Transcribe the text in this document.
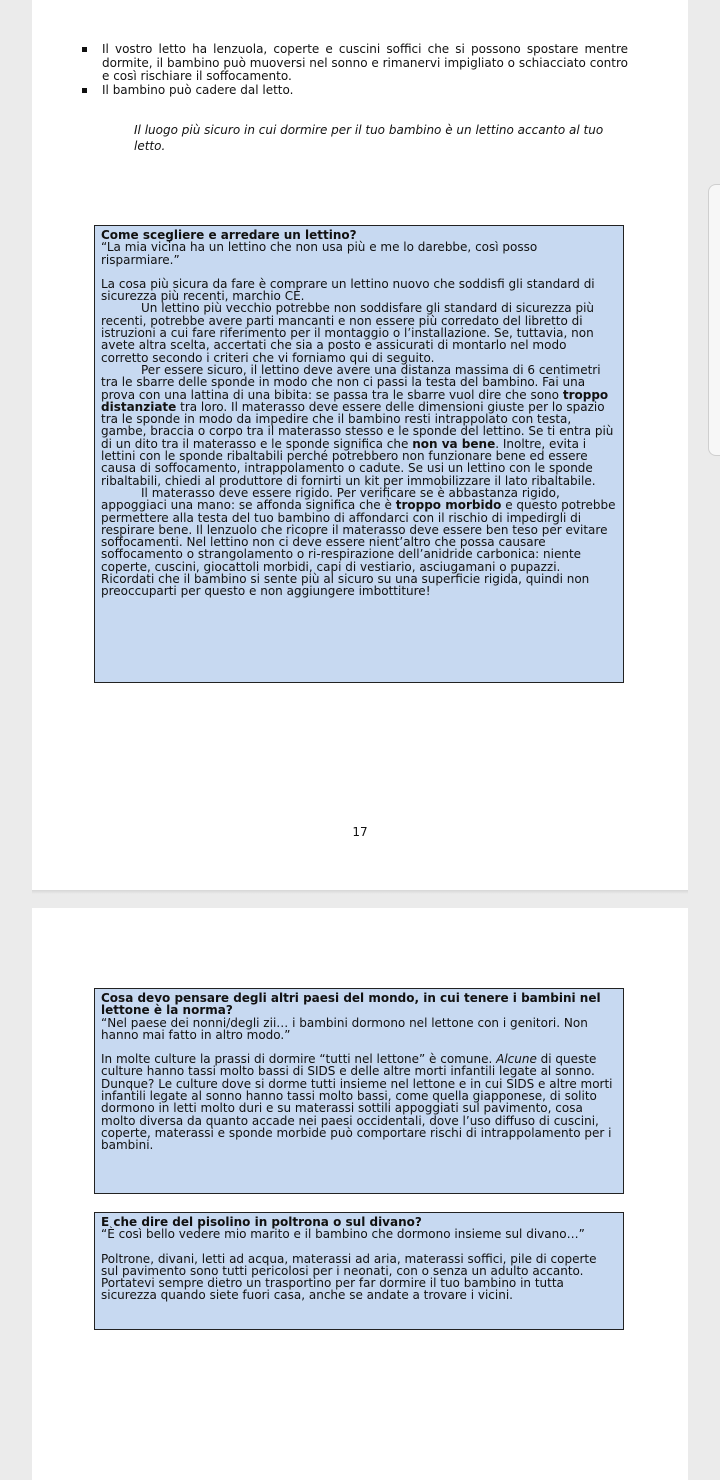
Il vostro letto ha lenzuola, coperte e cuscini soffici che si possono spostare mentre dormite, il bambino può muoversi nel sonno e rimanervi impigliato o schiacciato contro e così rischiare il soffocamento.
Il bambino può cadere dal letto.

Il luogo più sicuro in cui dormire per il tuo bambino è un lettino accanto al tuo letto.

Come scegliere e arredare un lettino?

“La mia vicina ha un lettino che non usa più e me lo darebbe, così posso risparmiare.”

La cosa più sicura da fare è comprare un lettino nuovo che soddisfi gli standard di sicurezza più recenti, marchio CE.

Un lettino più vecchio potrebbe non soddisfare gli standard di sicurezza più recenti, potrebbe avere parti mancanti e non essere più corredato del libretto di istruzioni a cui fare riferimento per il montaggio o l’installazione. Se, tuttavia, non avete altra scelta, accertati che sia a posto e assicurati di montarlo nel modo corretto secondo i criteri che vi forniamo qui di seguito.

Per essere sicuro, il lettino deve avere una distanza massima di 6 centimetri tra le sbarre delle sponde in modo che non ci passi la testa del bambino. Fai una prova con una lattina di una bibita: se passa tra le sbarre vuol dire che sono troppo distanziate tra loro. Il materasso deve essere delle dimensioni giuste per lo spazio tra le sponde in modo da impedire che il bambino resti intrappolato con testa, gambe, braccia o corpo tra il materasso stesso e le sponde del lettino. Se ti entra più di un dito tra il materasso e le sponde significa che non va bene. Inoltre, evita i lettini con le sponde ribaltabili perché potrebbero non funzionare bene ed essere causa di soffocamento, intrappolamento o cadute. Se usi un lettino con le sponde ribaltabili, chiedi al produttore di fornirti un kit per immobilizzare il lato ribaltabile.

Il materasso deve essere rigido. Per verificare se è abbastanza rigido, appoggiaci una mano: se affonda significa che è troppo morbido e questo potrebbe permettere alla testa del tuo bambino di affondarci con il rischio di impedirgli di respirare bene. Il lenzuolo che ricopre il materasso deve essere ben teso per evitare soffocamenti. Nel lettino non ci deve essere nient’altro che possa causare soffocamento o strangolamento o ri-respirazione dell’anidride carbonica: niente coperte, cuscini, giocattoli morbidi, capi di vestiario, asciugamani o pupazzi. Ricordati che il bambino si sente più al sicuro su una superficie rigida, quindi non preoccuparti per questo e non aggiungere imbottiture!

17
Cosa devo pensare degli altri paesi del mondo, in cui tenere i bambini nel lettone è la norma?

“Nel paese dei nonni/degli zii… i bambini dormono nel lettone con i genitori. Non hanno mai fatto in altro modo.”

In molte culture la prassi di dormire “tutti nel lettone” è comune. Alcune di queste culture hanno tassi molto bassi di SIDS e delle altre morti infantili legate al sonno. Dunque? Le culture dove si dorme tutti insieme nel lettone e in cui SIDS e altre morti infantili legate al sonno hanno tassi molto bassi, come quella giapponese, di solito dormono in letti molto duri e su materassi sottili appoggiati sul pavimento, cosa molto diversa da quanto accade nei paesi occidentali, dove l’uso diffuso di cuscini, coperte, materassi e sponde morbide può comportare rischi di intrappolamento per i bambini.

E che dire del pisolino in poltrona o sul divano?

“È così bello vedere mio marito e il bambino che dormono insieme sul divano…”

Poltrone, divani, letti ad acqua, materassi ad aria, materassi soffici, pile di coperte sul pavimento sono tutti pericolosi per i neonati, con o senza un adulto accanto. Portatevi sempre dietro un trasportino per far dormire il tuo bambino in tutta sicurezza quando siete fuori casa, anche se andate a trovare i vicini.
